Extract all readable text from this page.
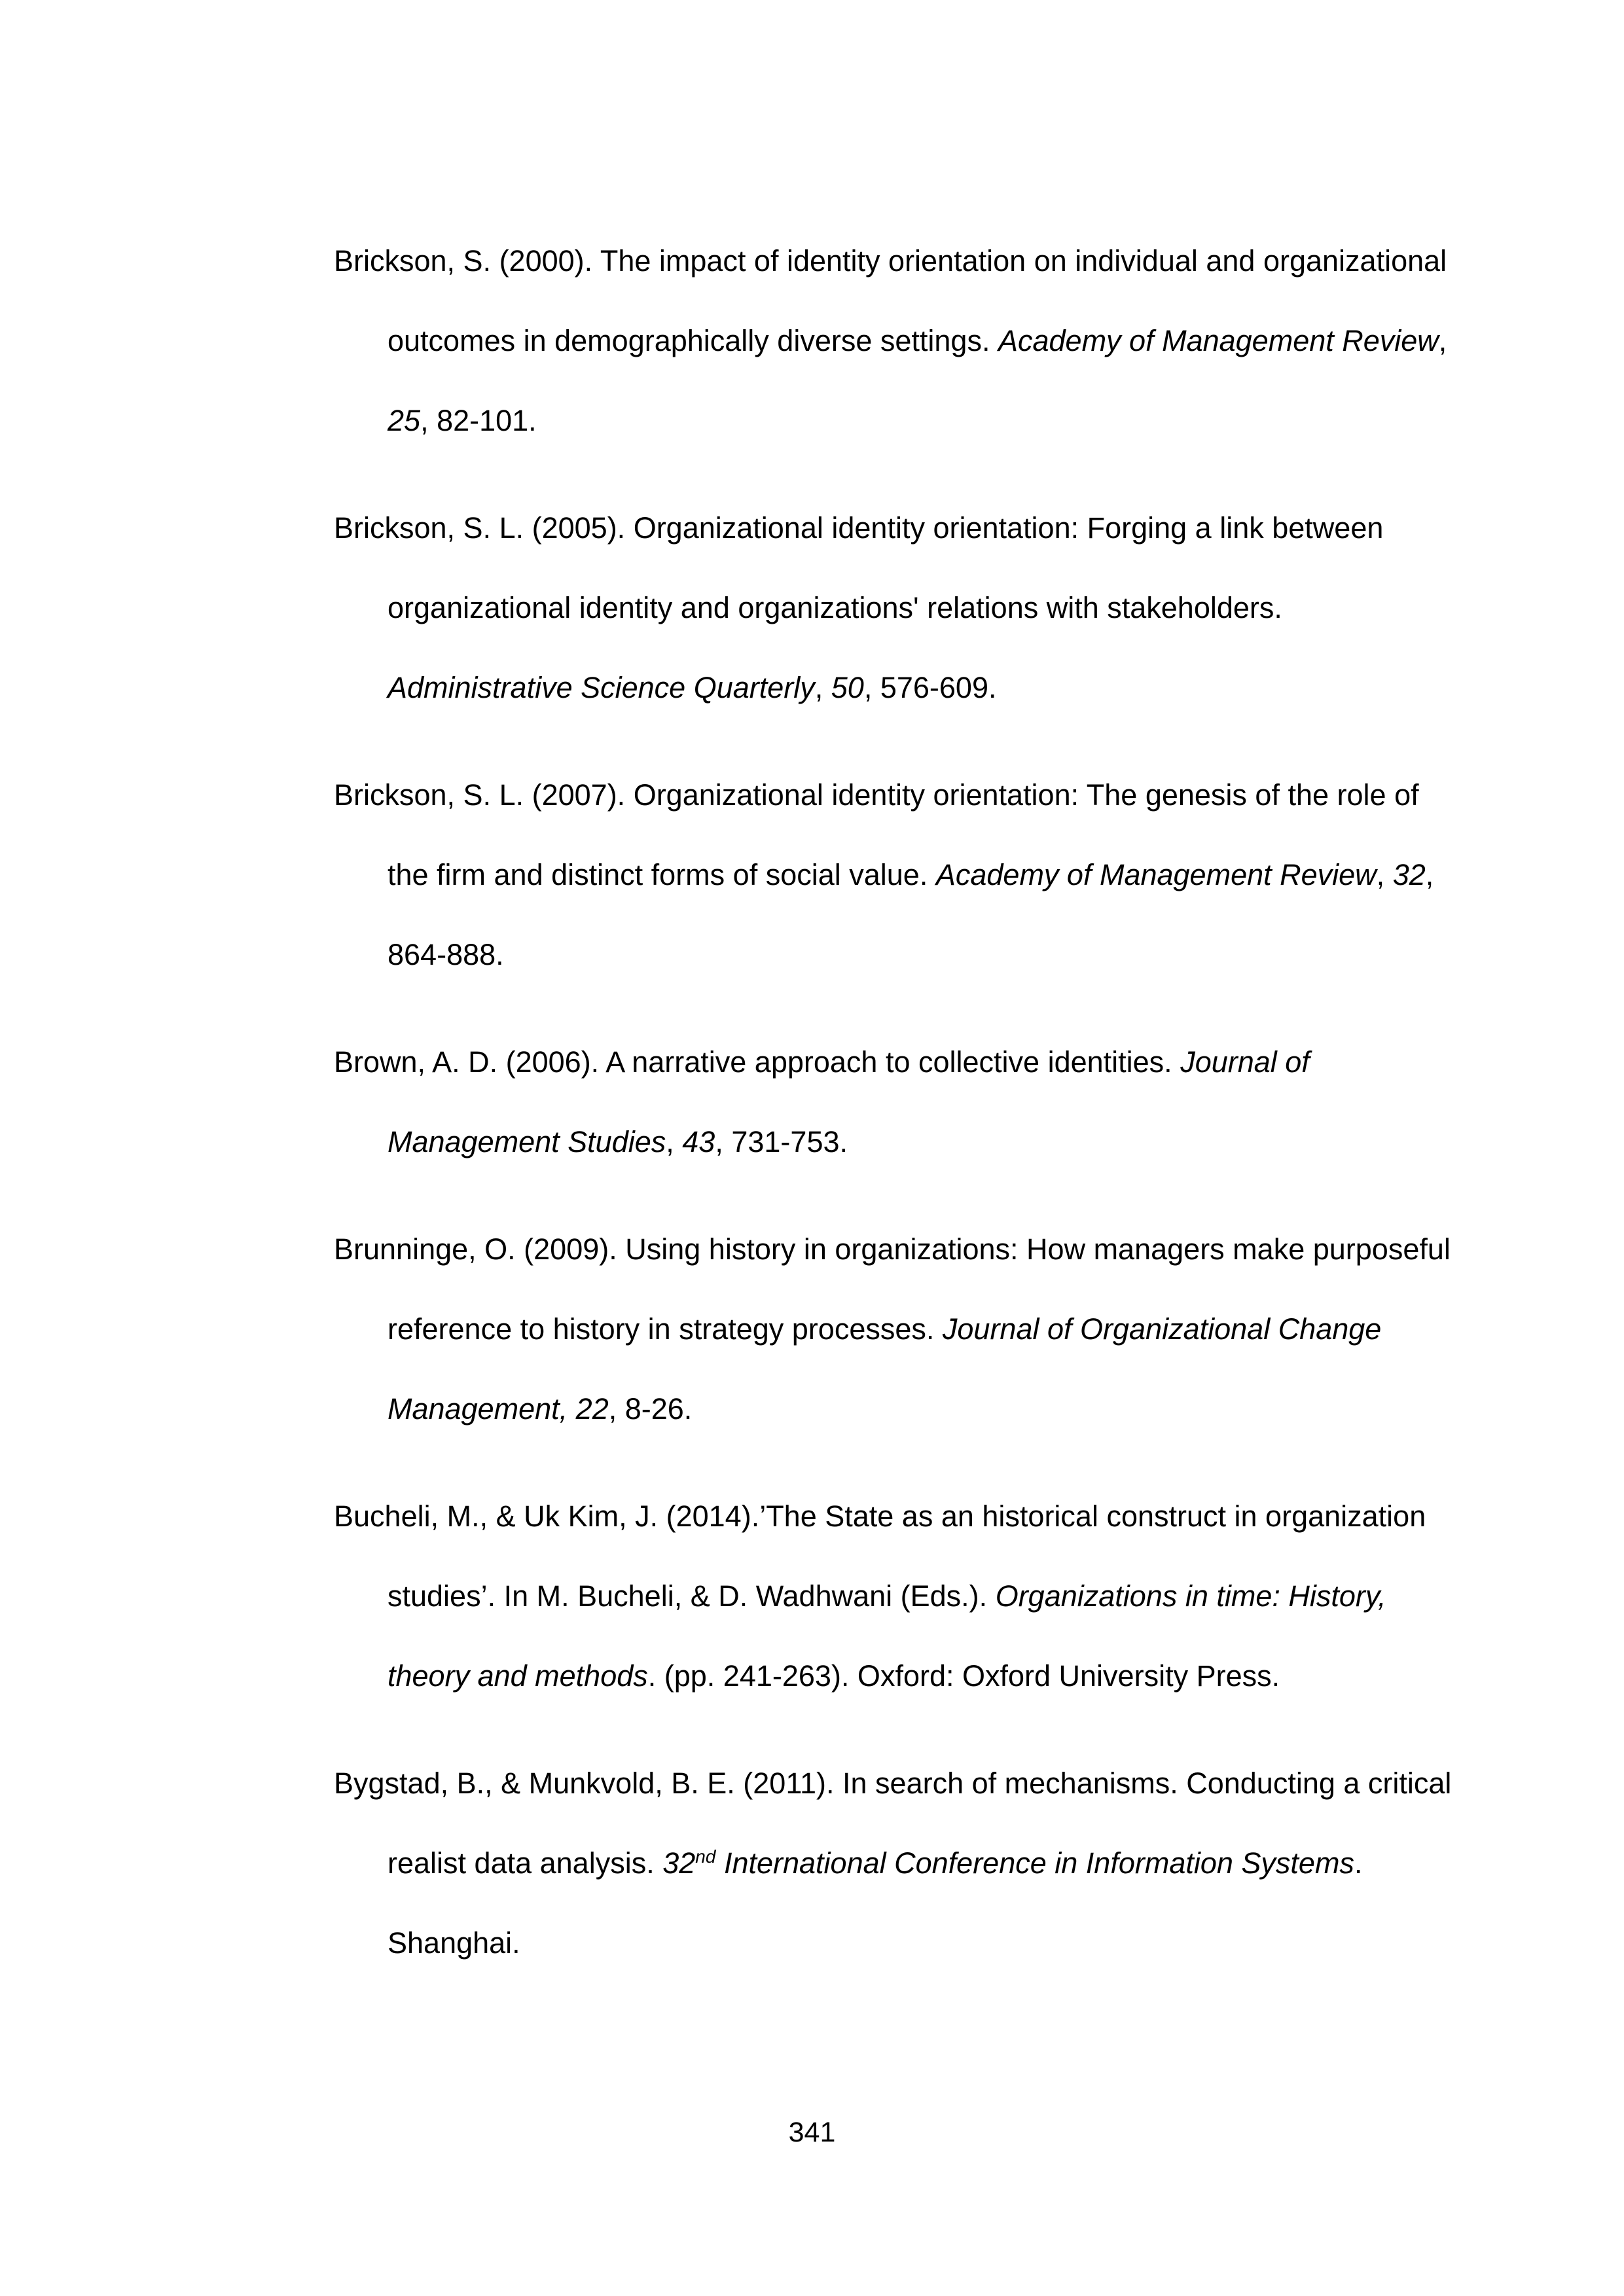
Brickson, S. (2000). The impact of identity orientation on individual and organizational outcomes in demographically diverse settings. Academy of Management Review, 25, 82-101.

Brickson, S. L. (2005). Organizational identity orientation: Forging a link between organizational identity and organizations' relations with stakeholders. Administrative Science Quarterly, 50, 576-609.

Brickson, S. L. (2007). Organizational identity orientation: The genesis of the role of the firm and distinct forms of social value. Academy of Management Review, 32, 864-888.

Brown, A. D. (2006). A narrative approach to collective identities. Journal of Management Studies, 43, 731-753.

Brunninge, O. (2009). Using history in organizations: How managers make purposeful reference to history in strategy processes. Journal of Organizational Change Management, 22, 8-26.

Bucheli, M., & Uk Kim, J. (2014).’The State as an historical construct in organization studies’. In M. Bucheli, & D. Wadhwani (Eds.). Organizations in time: History, theory and methods. (pp. 241-263). Oxford: Oxford University Press.

Bygstad, B., & Munkvold, B. E. (2011). In search of mechanisms. Conducting a critical realist data analysis. 32nd International Conference in Information Systems. Shanghai.

341
